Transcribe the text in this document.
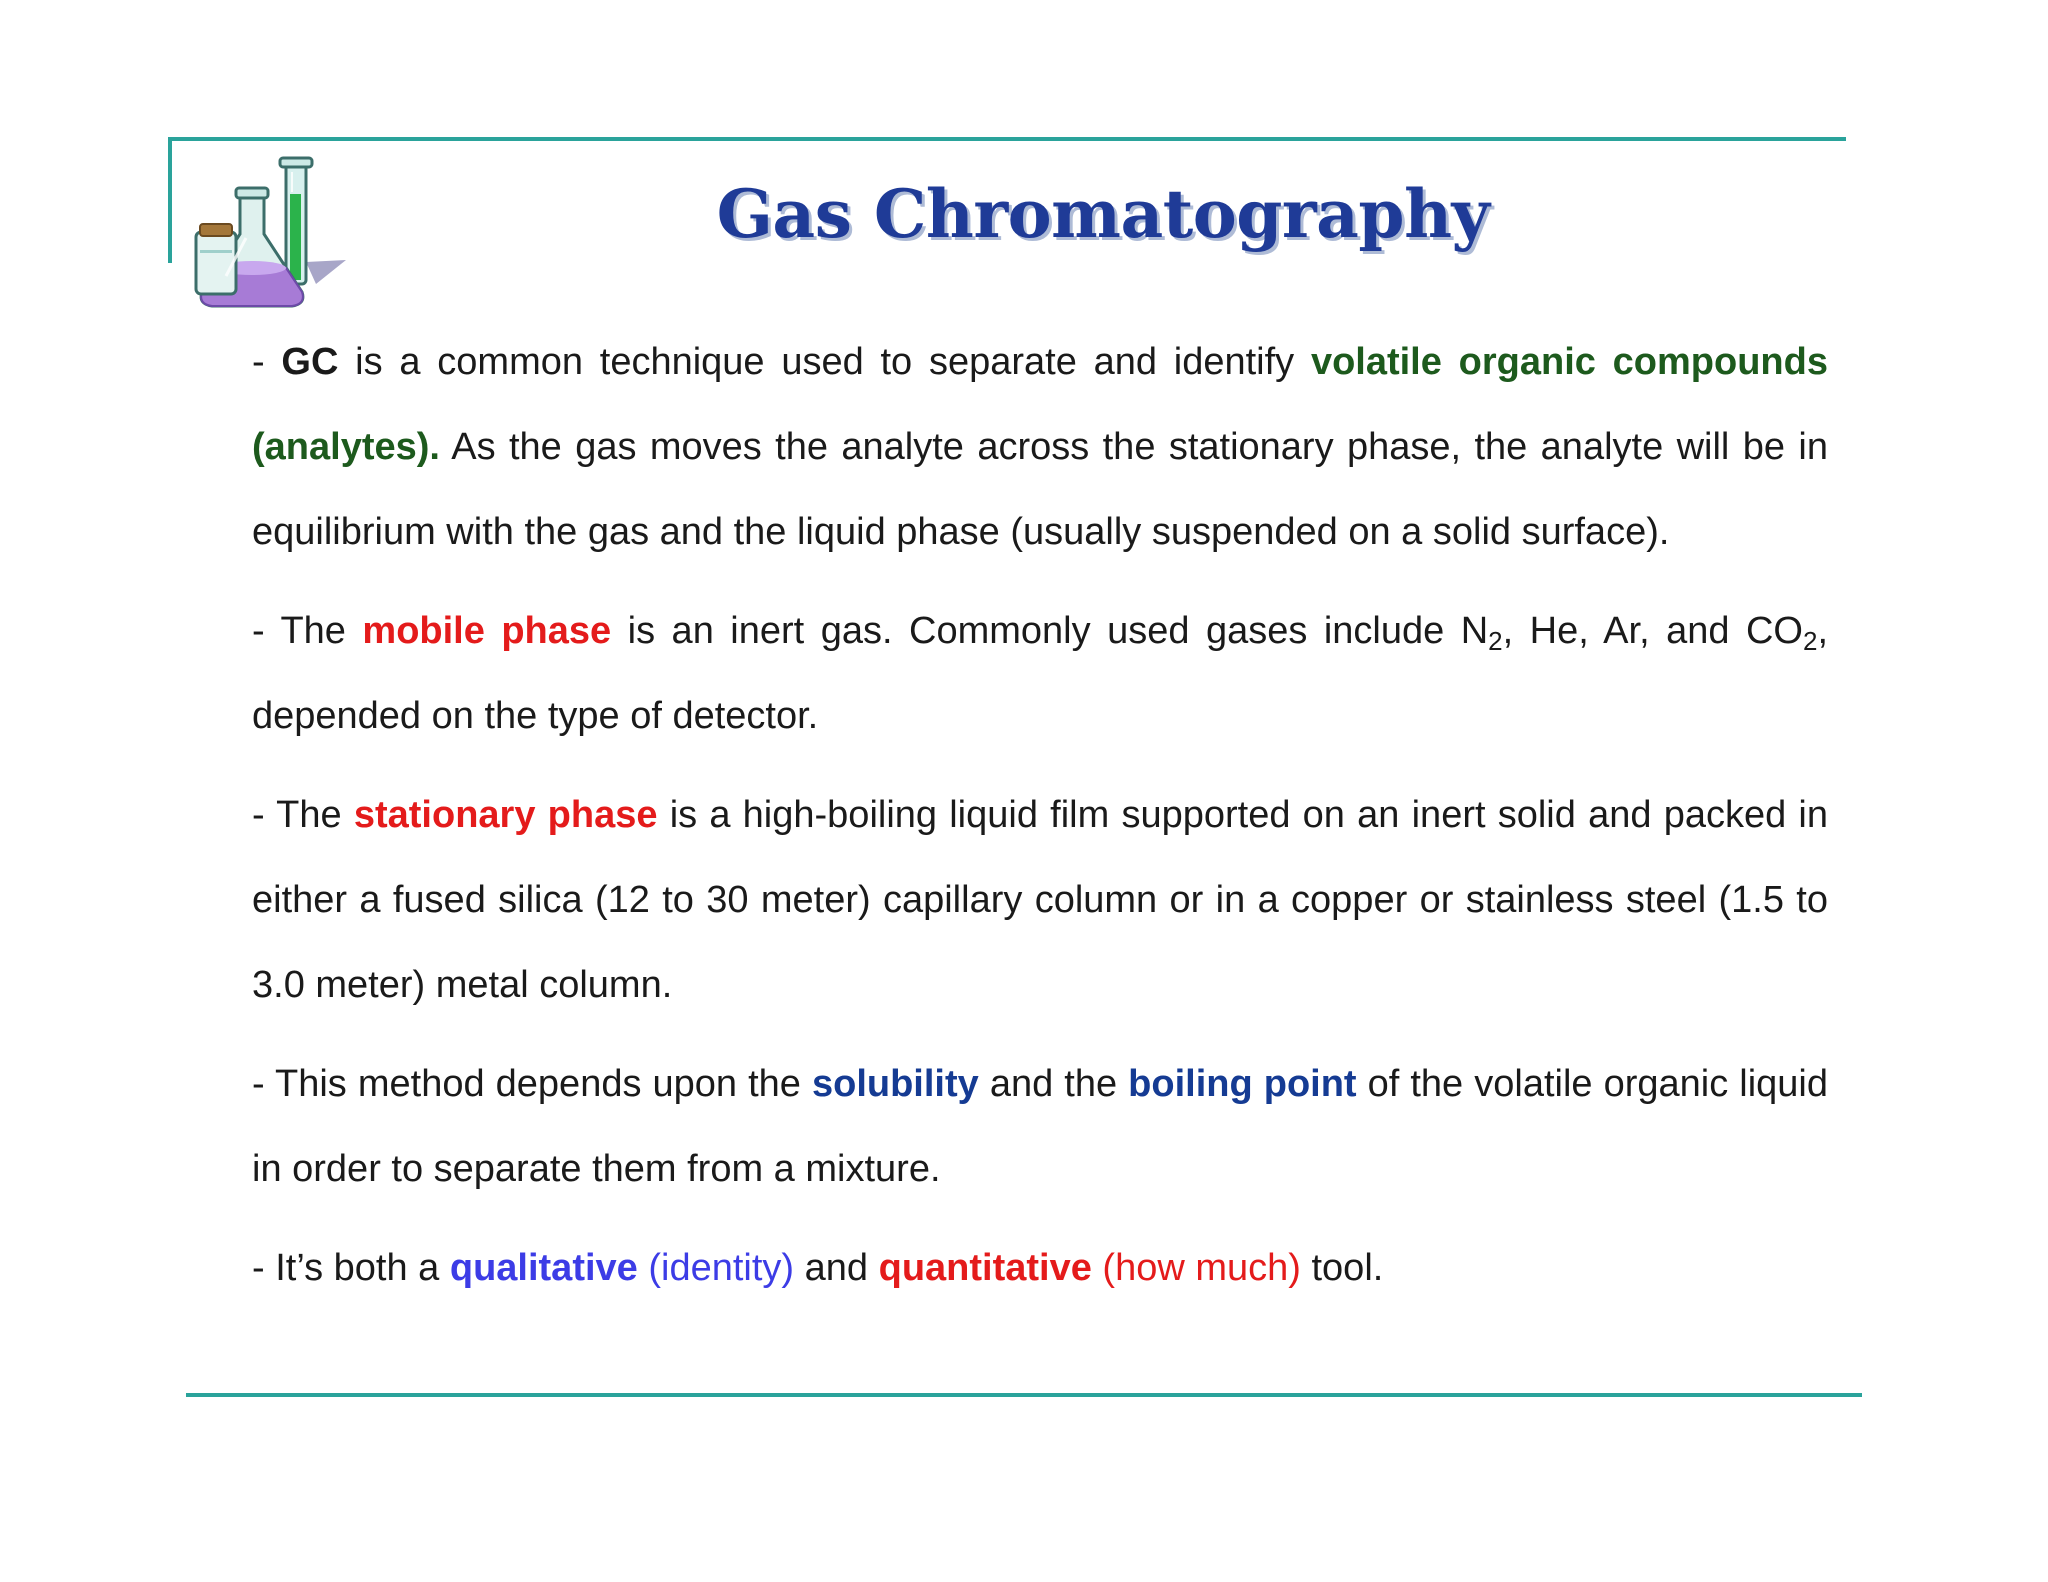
Gas Chromatography

- GC is a common technique used to separate and identify volatile organic compounds (analytes). As the gas moves the analyte across the stationary phase, the analyte will be in equilibrium with the gas and the liquid phase (usually suspended on a solid surface).

- The mobile phase is an inert gas. Commonly used gases include $N_2$, He, Ar, and $CO_2$, depended on the type of detector.

- The stationary phase is a high-boiling liquid film supported on an inert solid and packed in either a fused silica (12 to 30 meter) capillary column or in a copper or stainless steel (1.5 to 3.0 meter) metal column.

- This method depends upon the solubility and the boiling point of the volatile organic liquid in order to separate them from a mixture.

- It’s both a qualitative (identity) and quantitative (how much) tool.
